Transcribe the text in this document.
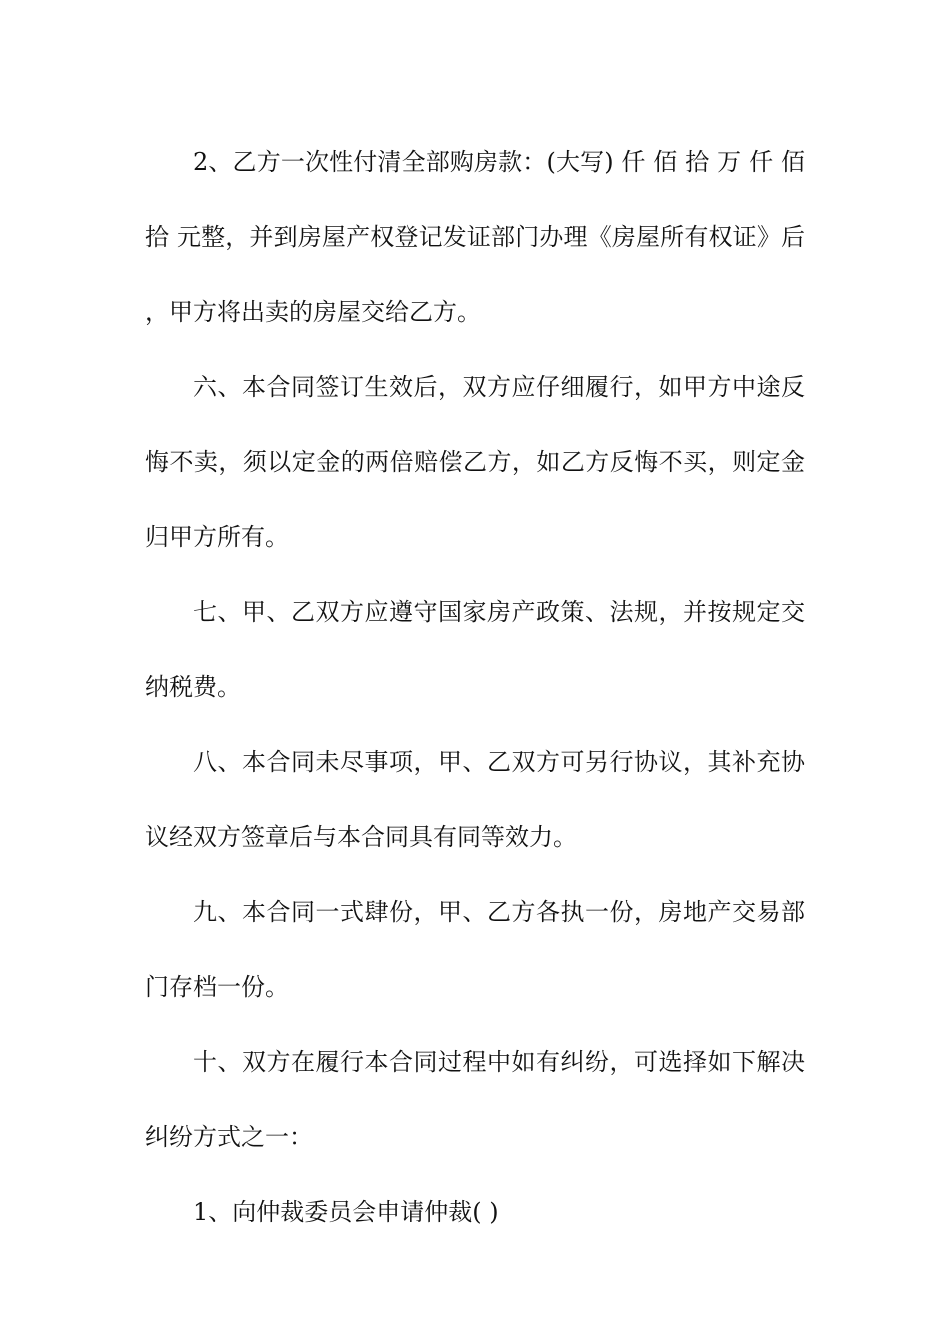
2、乙方一次性付清全部购房款：(大写) 仟 佰 拾 万 仟 佰 拾 元整，并到房屋产权登记发证部门办理《房屋所有权证》后，甲方将出卖的房屋交给乙方。

六、本合同签订生效后，双方应仔细履行，如甲方中途反悔不卖，须以定金的两倍赔偿乙方，如乙方反悔不买，则定金归甲方所有。

七、甲、乙双方应遵守国家房产政策、法规，并按规定交纳税费。

八、本合同未尽事项，甲、乙双方可另行协议，其补充协议经双方签章后与本合同具有同等效力。

九、本合同一式肆份，甲、乙方各执一份，房地产交易部门存档一份。

十、双方在履行本合同过程中如有纠纷，可选择如下解决纠纷方式之一：

1、向仲裁委员会申请仲裁( )
